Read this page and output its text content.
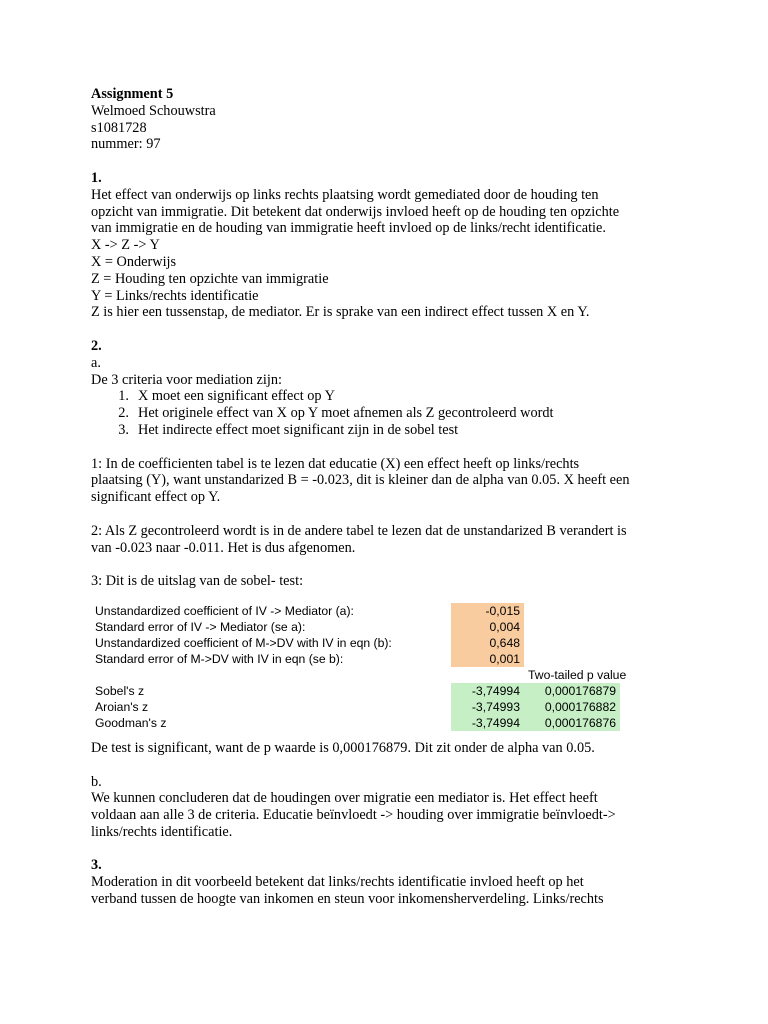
Assignment 5
Welmoed Schouwstra
s1081728
nummer: 97
1.
Het effect van onderwijs op links rechts plaatsing wordt gemediated door de houding ten
opzicht van immigratie. Dit betekent dat onderwijs invloed heeft op de houding ten opzichte
van immigratie en de houding van immigratie heeft invloed op de links/recht identificatie.
X -> Z -> Y
X = Onderwijs
Z = Houding ten opzichte van immigratie
Y = Links/rechts identificatie
Z is hier een tussenstap, de mediator. Er is sprake van een indirect effect tussen X en Y.
2.
a.
De 3 criteria voor mediation zijn:
1. X moet een significant effect op Y
2. Het originele effect van X op Y moet afnemen als Z gecontroleerd wordt
3. Het indirecte effect moet significant zijn in de sobel test
1: In de coefficienten tabel is te lezen dat educatie (X) een effect heeft op links/rechts
plaatsing (Y), want unstandarized B = -0.023, dit is kleiner dan de alpha van 0.05. X heeft een
significant effect op Y.
2: Als Z gecontroleerd wordt is in de andere tabel te lezen dat de unstandarized B verandert is
van -0.023 naar -0.011. Het is dus afgenomen.
3: Dit is de uitslag van de sobel- test:
Unstandardized coefficient of IV -> Mediator (a):	-0,015
Standard error of IV -> Mediator (se a):	0,004
Unstandardized coefficient of M->DV with IV in eqn (b):	0,648
Standard error of M->DV with IV in eqn (se b):	0,001
Two-tailed p value
Sobel's z	-3,74994	0,000176879
Aroian's z	-3,74993	0,000176882
Goodman's z	-3,74994	0,000176876
De test is significant, want de p waarde is 0,000176879. Dit zit onder de alpha van 0.05.
b.
We kunnen concluderen dat de houdingen over migratie een mediator is. Het effect heeft
voldaan aan alle 3 de criteria. Educatie beïnvloedt -> houding over immigratie beïnvloedt->
links/rechts identificatie.
3.
Moderation in dit voorbeeld betekent dat links/rechts identificatie invloed heeft op het
verband tussen de hoogte van inkomen en steun voor inkomensherverdeling. Links/rechts
